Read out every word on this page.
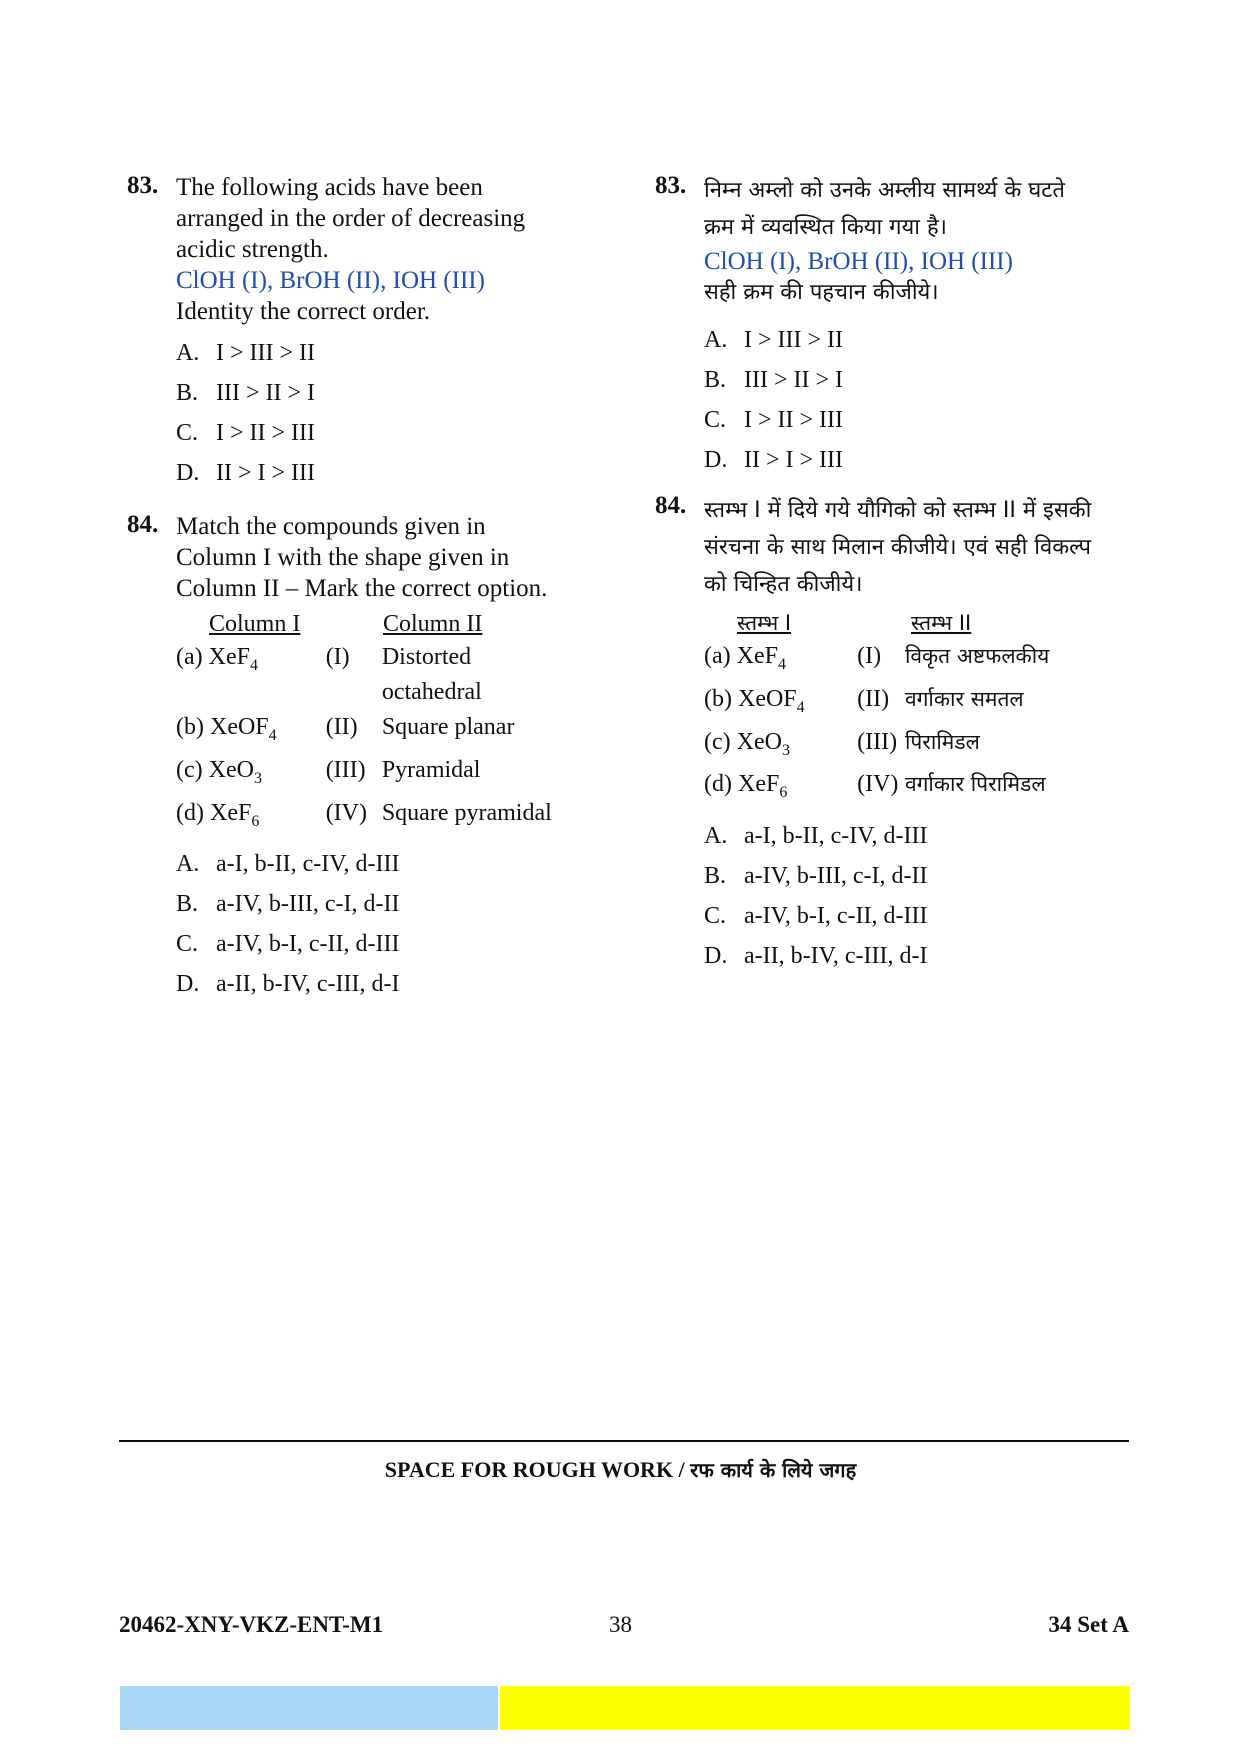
83. The following acids have been
arranged in the order of decreasing
acidic strength.
ClOH (I), BrOH (II), IOH (III)
Identity the correct order.
A. I > III > II
B. III > II > I
C. I > II > III
D. II > I > III
84. Match the compounds given in
Column I with the shape given in
Column II – Mark the correct option.
Column I	Column II
(a) XeF$_4$	(I)	Distorted
octahedral
(b) XeOF$_4$	(II)	Square planar
(c) XeO$_3$	(III) Pyramidal
(d) XeF$_6$	(IV) Square pyramidal
A. a-I, b-II, c-IV, d-III
B. a-IV, b-III, c-I, d-II
C. a-IV, b-I, c-II, d-III
D. a-II, b-IV, c-III, d-I
83. निम्न अम्लो को उनके अम्लीय सामर्थ्य के घटते
क्रम में व्यवस्थित किया गया है।
ClOH (I), BrOH (II), IOH (III)
सही क्रम की पहचान कीजीये।
A. I > III > II
B. III > II > I
C. I > II > III
D. II > I > III
84. स्तम्भ I में दिये गये यौगिको को स्तम्भ II में इसकी
संरचना के साथ मिलान कीजीये। एवं सही विकल्प
को चिन्हित कीजीये।
स्तम्भ I	स्तम्भ II
(a) XeF$_4$	(I)	विकृत अष्टफलकीय
(b) XeOF$_4$	(II) वर्गाकार समतल
(c) XeO$_3$	(III) पिरामिडल
(d) XeF$_6$	(IV) वर्गाकार पिरामिडल
A. a-I, b-II, c-IV, d-III
B. a-IV, b-III, c-I, d-II
C. a-IV, b-I, c-II, d-III
D. a-II, b-IV, c-III, d-I
SPACE FOR ROUGH WORK / रफ कार्य के लिये जगह
20462-XNY-VKZ-ENT-M1	38	34 Set A
